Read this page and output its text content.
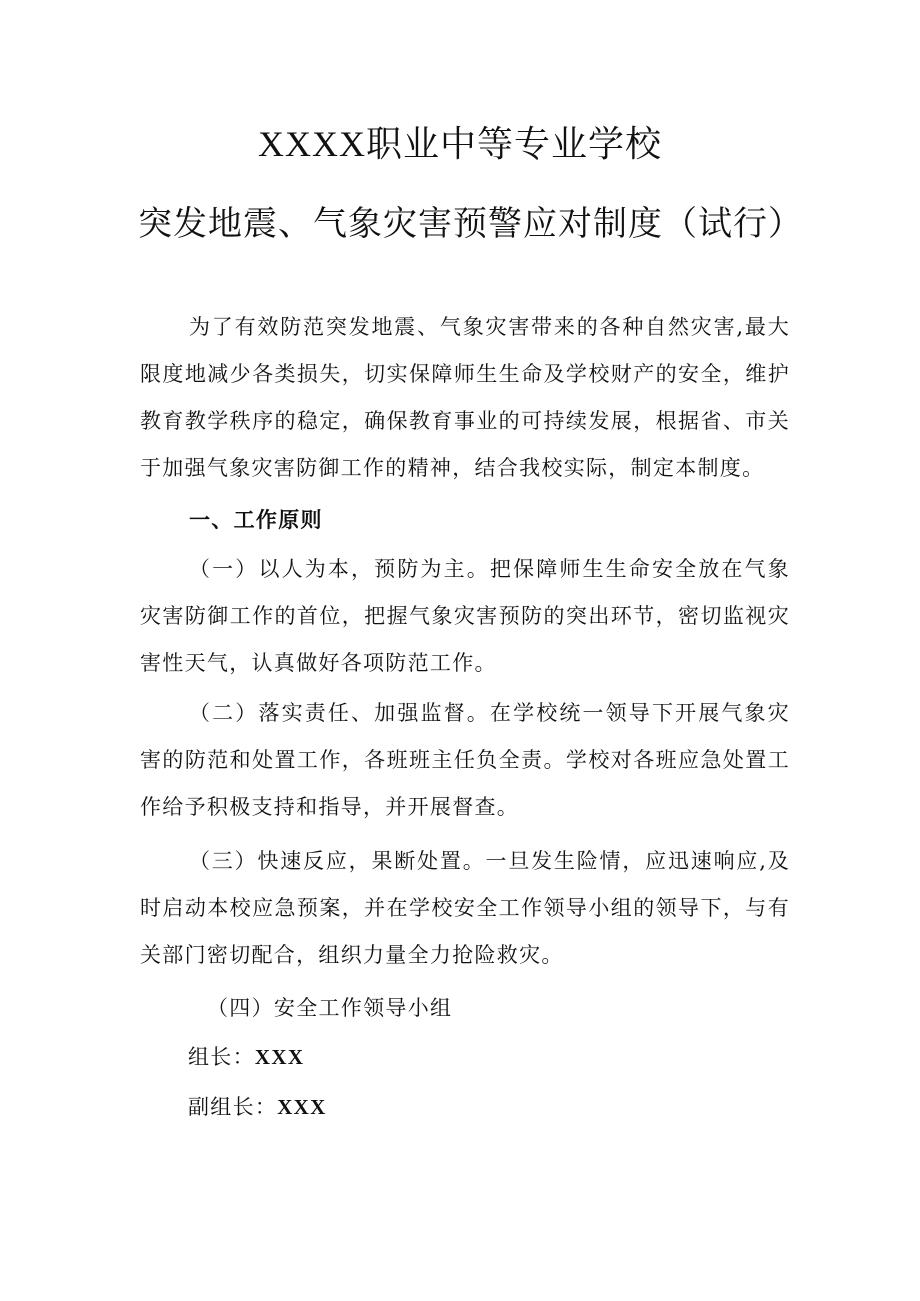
XXXX职业中等专业学校
突发地震、气象灾害预警应对制度（试行）

为了有效防范突发地震、气象灾害带来的各种自然灾害,最大限度地减少各类损失，切实保障师生生命及学校财产的安全，维护教育教学秩序的稳定，确保教育事业的可持续发展，根据省、市关于加强气象灾害防御工作的精神，结合我校实际，制定本制度。

一、工作原则

（一）以人为本，预防为主。把保障师生生命安全放在气象灾害防御工作的首位，把握气象灾害预防的突出环节，密切监视灾害性天气，认真做好各项防范工作。

（二）落实责任、加强监督。在学校统一领导下开展气象灾害的防范和处置工作，各班班主任负全责。学校对各班应急处置工作给予积极支持和指导，并开展督查。

（三）快速反应，果断处置。一旦发生险情，应迅速响应,及时启动本校应急预案，并在学校安全工作领导小组的领导下，与有关部门密切配合，组织力量全力抢险救灾。

（四）安全工作领导小组
组长：XXX
副组长：XXX
